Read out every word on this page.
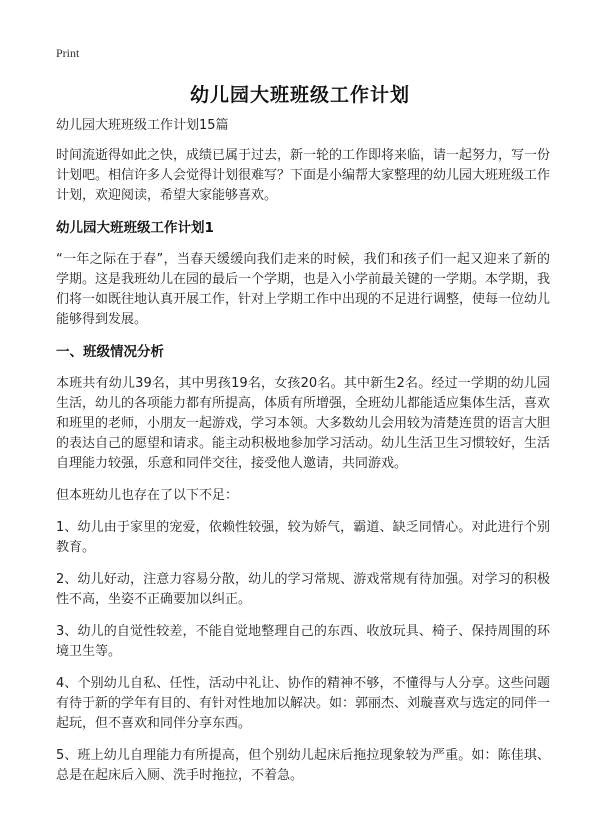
Print
幼儿园大班班级工作计划
幼儿园大班班级工作计划15篇

时间流逝得如此之快，成绩已属于过去，新一轮的工作即将来临，请一起努力，写一份计划吧。相信许多人会觉得计划很难写？下面是小编帮大家整理的幼儿园大班班级工作计划，欢迎阅读，希望大家能够喜欢。

幼儿园大班班级工作计划1

“一年之际在于春”，当春天缓缓向我们走来的时候，我们和孩子们一起又迎来了新的学期。这是我班幼儿在园的最后一个学期，也是入小学前最关键的一学期。本学期，我们将一如既往地认真开展工作，针对上学期工作中出现的不足进行调整，使每一位幼儿能够得到发展。

一、班级情况分析

本班共有幼儿39名，其中男孩19名，女孩20名。其中新生2名。经过一学期的幼儿园生活，幼儿的各项能力都有所提高，体质有所增强，全班幼儿都能适应集体生活，喜欢和班里的老师，小朋友一起游戏，学习本领。大多数幼儿会用较为清楚连贯的语言大胆的表达自己的愿望和请求。能主动积极地参加学习活动。幼儿生活卫生习惯较好，生活自理能力较强，乐意和同伴交往，接受他人邀请，共同游戏。

但本班幼儿也存在了以下不足：

1、幼儿由于家里的宠爱，依赖性较强，较为娇气，霸道、缺乏同情心。对此进行个别教育。

2、幼儿好动，注意力容易分散，幼儿的学习常规、游戏常规有待加强。对学习的积极性不高，坐姿不正确要加以纠正。

3、幼儿的自觉性较差，不能自觉地整理自己的东西、收放玩具、椅子、保持周围的环境卫生等。

4、个别幼儿自私、任性，活动中礼让、协作的精神不够，不懂得与人分享。这些问题有待于新的学年有目的、有针对性地加以解决。如：郭丽杰、刘璇喜欢与选定的同伴一起玩，但不喜欢和同伴分享东西。

5、班上幼儿自理能力有所提高，但个别幼儿起床后拖拉现象较为严重。如：陈佳琪、总是在起床后入厕、洗手时拖拉，不着急。
